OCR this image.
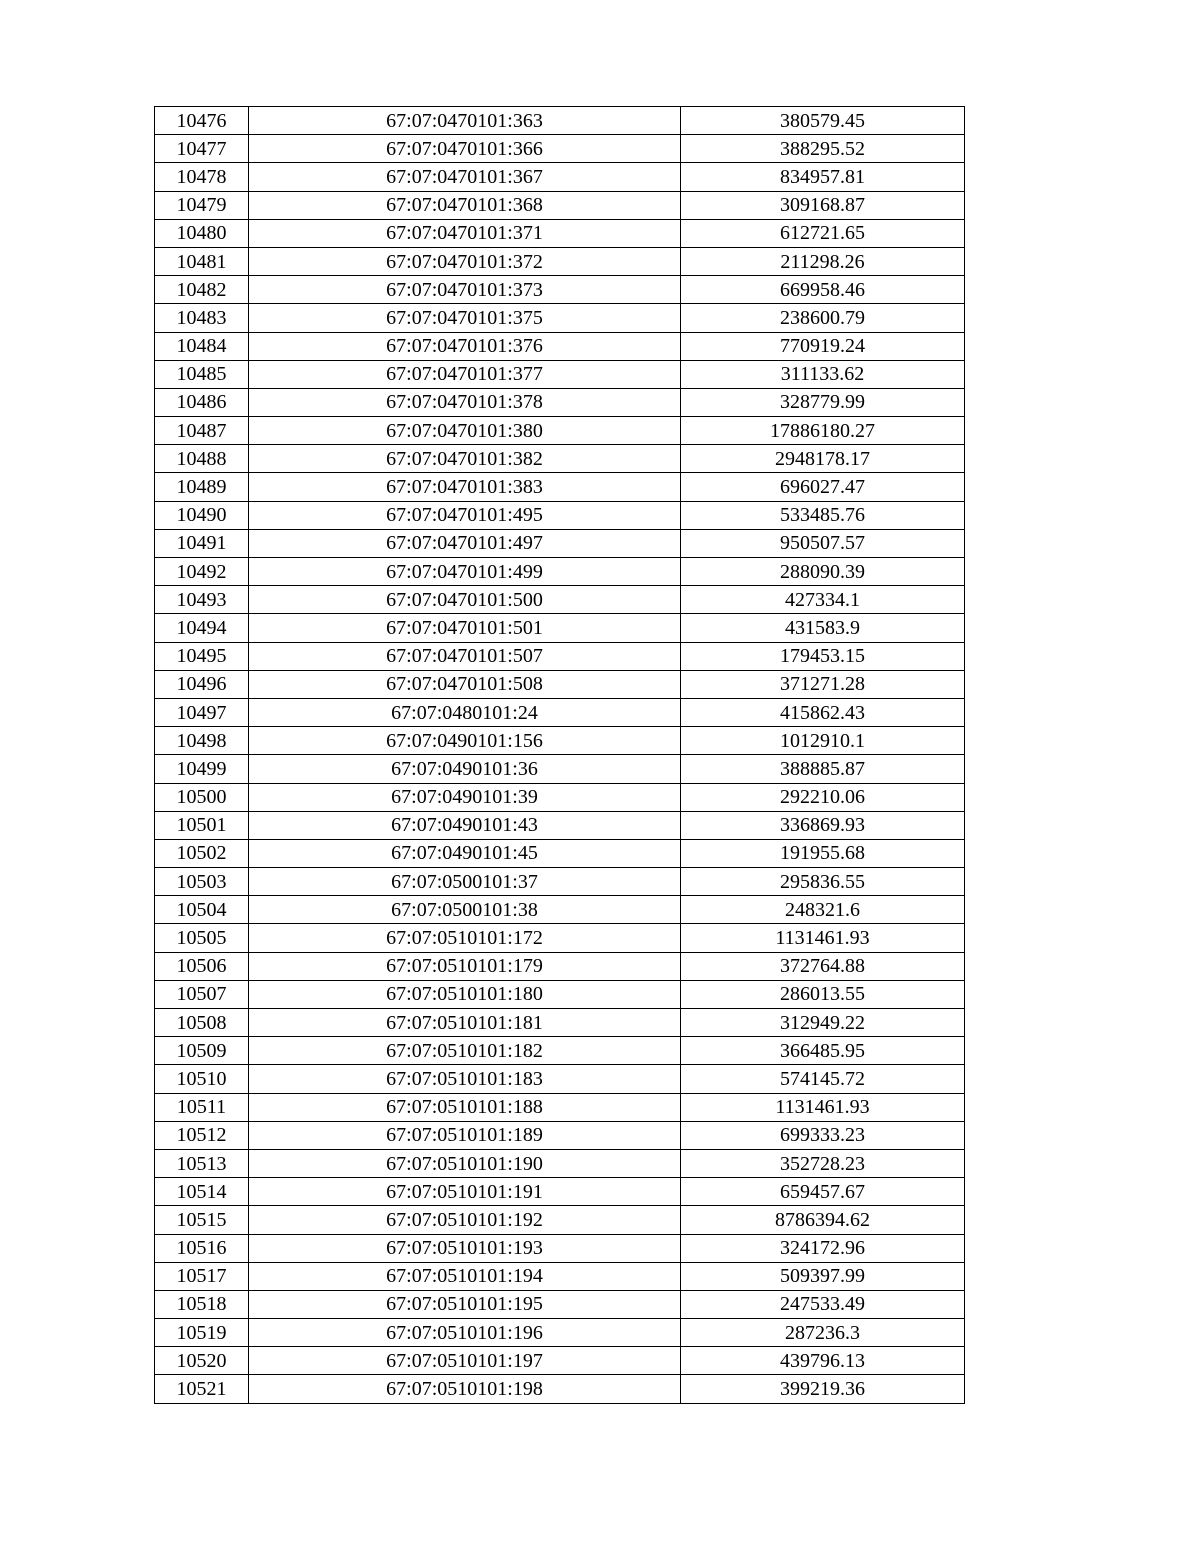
10476	67:07:0470101:363	380579.45
10477	67:07:0470101:366	388295.52
10478	67:07:0470101:367	834957.81
10479	67:07:0470101:368	309168.87
10480	67:07:0470101:371	612721.65
10481	67:07:0470101:372	211298.26
10482	67:07:0470101:373	669958.46
10483	67:07:0470101:375	238600.79
10484	67:07:0470101:376	770919.24
10485	67:07:0470101:377	311133.62
10486	67:07:0470101:378	328779.99
10487	67:07:0470101:380	17886180.27
10488	67:07:0470101:382	2948178.17
10489	67:07:0470101:383	696027.47
10490	67:07:0470101:495	533485.76
10491	67:07:0470101:497	950507.57
10492	67:07:0470101:499	288090.39
10493	67:07:0470101:500	427334.1
10494	67:07:0470101:501	431583.9
10495	67:07:0470101:507	179453.15
10496	67:07:0470101:508	371271.28
10497	67:07:0480101:24	415862.43
10498	67:07:0490101:156	1012910.1
10499	67:07:0490101:36	388885.87
10500	67:07:0490101:39	292210.06
10501	67:07:0490101:43	336869.93
10502	67:07:0490101:45	191955.68
10503	67:07:0500101:37	295836.55
10504	67:07:0500101:38	248321.6
10505	67:07:0510101:172	1131461.93
10506	67:07:0510101:179	372764.88
10507	67:07:0510101:180	286013.55
10508	67:07:0510101:181	312949.22
10509	67:07:0510101:182	366485.95
10510	67:07:0510101:183	574145.72
10511	67:07:0510101:188	1131461.93
10512	67:07:0510101:189	699333.23
10513	67:07:0510101:190	352728.23
10514	67:07:0510101:191	659457.67
10515	67:07:0510101:192	8786394.62
10516	67:07:0510101:193	324172.96
10517	67:07:0510101:194	509397.99
10518	67:07:0510101:195	247533.49
10519	67:07:0510101:196	287236.3
10520	67:07:0510101:197	439796.13
10521	67:07:0510101:198	399219.36
